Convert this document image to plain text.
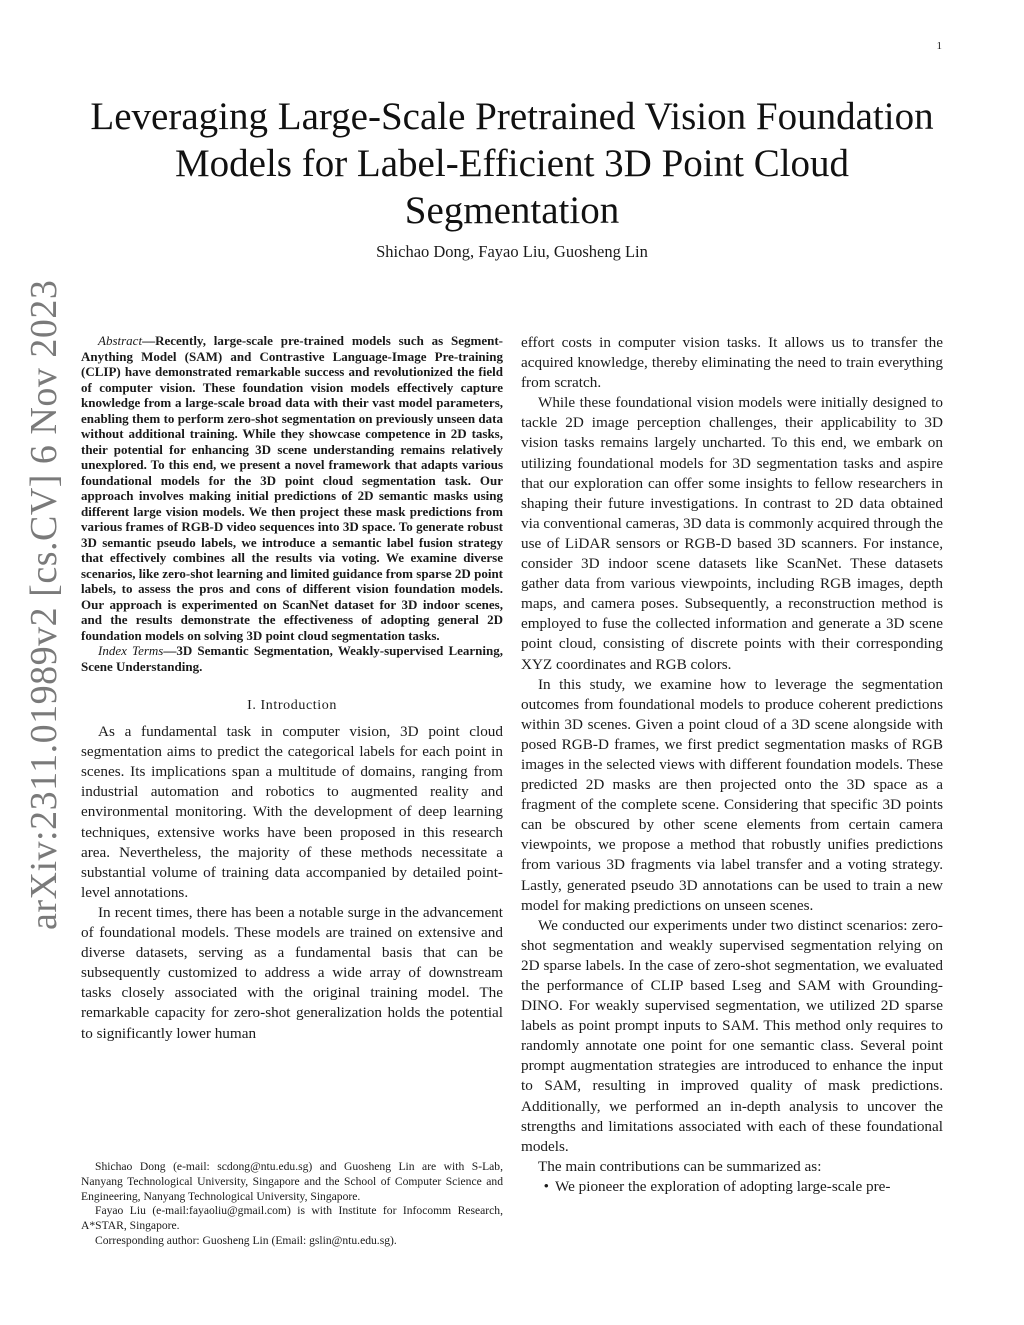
1
arXiv:2311.01989v2 [cs.CV] 6 Nov 2023
Leveraging Large-Scale Pretrained Vision Foundation Models for Label-Efficient 3D Point Cloud Segmentation
Shichao Dong, Fayao Liu, Guosheng Lin

Abstract—Recently, large-scale pre-trained models such as Segment-Anything Model (SAM) and Contrastive Language-Image Pre-training (CLIP) have demonstrated remarkable success and revolutionized the field of computer vision. These foundation vision models effectively capture knowledge from a large-scale broad data with their vast model parameters, enabling them to perform zero-shot segmentation on previously unseen data without additional training. While they showcase competence in 2D tasks, their potential for enhancing 3D scene understanding remains relatively unexplored. To this end, we present a novel framework that adapts various foundational models for the 3D point cloud segmentation task. Our approach involves making initial predictions of 2D semantic masks using different large vision models. We then project these mask predictions from various frames of RGB-D video sequences into 3D space. To generate robust 3D semantic pseudo labels, we introduce a semantic label fusion strategy that effectively combines all the results via voting. We examine diverse scenarios, like zero-shot learning and limited guidance from sparse 2D point labels, to assess the pros and cons of different vision foundation models. Our approach is experimented on ScanNet dataset for 3D indoor scenes, and the results demonstrate the effectiveness of adopting general 2D foundation models on solving 3D point cloud segmentation tasks.

Index Terms—3D Semantic Segmentation, Weakly-supervised Learning, Scene Understanding.

I. Introduction

As a fundamental task in computer vision, 3D point cloud segmentation aims to predict the categorical labels for each point in scenes. Its implications span a multitude of domains, ranging from industrial automation and robotics to augmented reality and environmental monitoring. With the development of deep learning techniques, extensive works have been proposed in this research area. Nevertheless, the majority of these methods necessitate a substantial volume of training data accompanied by detailed point-level annotations.

In recent times, there has been a notable surge in the advancement of foundational models. These models are trained on extensive and diverse datasets, serving as a fundamental basis that can be subsequently customized to address a wide array of downstream tasks closely associated with the original training model. The remarkable capacity for zero-shot generalization holds the potential to significantly lower human

Shichao Dong (e-mail: scdong@ntu.edu.sg) and Guosheng Lin are with S-Lab, Nanyang Technological University, Singapore and the School of Computer Science and Engineering, Nanyang Technological University, Singapore.

Fayao Liu (e-mail:fayaoliu@gmail.com) is with Institute for Infocomm Research, A*STAR, Singapore.

Corresponding author: Guosheng Lin (Email: gslin@ntu.edu.sg).

effort costs in computer vision tasks. It allows us to transfer the acquired knowledge, thereby eliminating the need to train everything from scratch.

While these foundational vision models were initially designed to tackle 2D image perception challenges, their applicability to 3D vision tasks remains largely uncharted. To this end, we embark on utilizing foundational models for 3D segmentation tasks and aspire that our exploration can offer some insights to fellow researchers in shaping their future investigations. In contrast to 2D data obtained via conventional cameras, 3D data is commonly acquired through the use of LiDAR sensors or RGB-D based 3D scanners. For instance, consider 3D indoor scene datasets like ScanNet. These datasets gather data from various viewpoints, including RGB images, depth maps, and camera poses. Subsequently, a reconstruction method is employed to fuse the collected information and generate a 3D scene point cloud, consisting of discrete points with their corresponding XYZ coordinates and RGB colors.

In this study, we examine how to leverage the segmentation outcomes from foundational models to produce coherent predictions within 3D scenes. Given a point cloud of a 3D scene alongside with posed RGB-D frames, we first predict segmentation masks of RGB images in the selected views with different foundation models. These predicted 2D masks are then projected onto the 3D space as a fragment of the complete scene. Considering that specific 3D points can be obscured by other scene elements from certain camera viewpoints, we propose a method that robustly unifies predictions from various 3D fragments via label transfer and a voting strategy. Lastly, generated pseudo 3D annotations can be used to train a new model for making predictions on unseen scenes.

We conducted our experiments under two distinct scenarios: zero-shot segmentation and weakly supervised segmentation relying on 2D sparse labels. In the case of zero-shot segmentation, we evaluated the performance of CLIP based Lseg and SAM with Grounding-DINO. For weakly supervised segmentation, we utilized 2D sparse labels as point prompt inputs to SAM. This method only requires to randomly annotate one point for one semantic class. Several point prompt augmentation strategies are introduced to enhance the input to SAM, resulting in improved quality of mask predictions. Additionally, we performed an in-depth analysis to uncover the strengths and limitations associated with each of these foundational models.

The main contributions can be summarized as:

• We pioneer the exploration of adopting large-scale pre-
